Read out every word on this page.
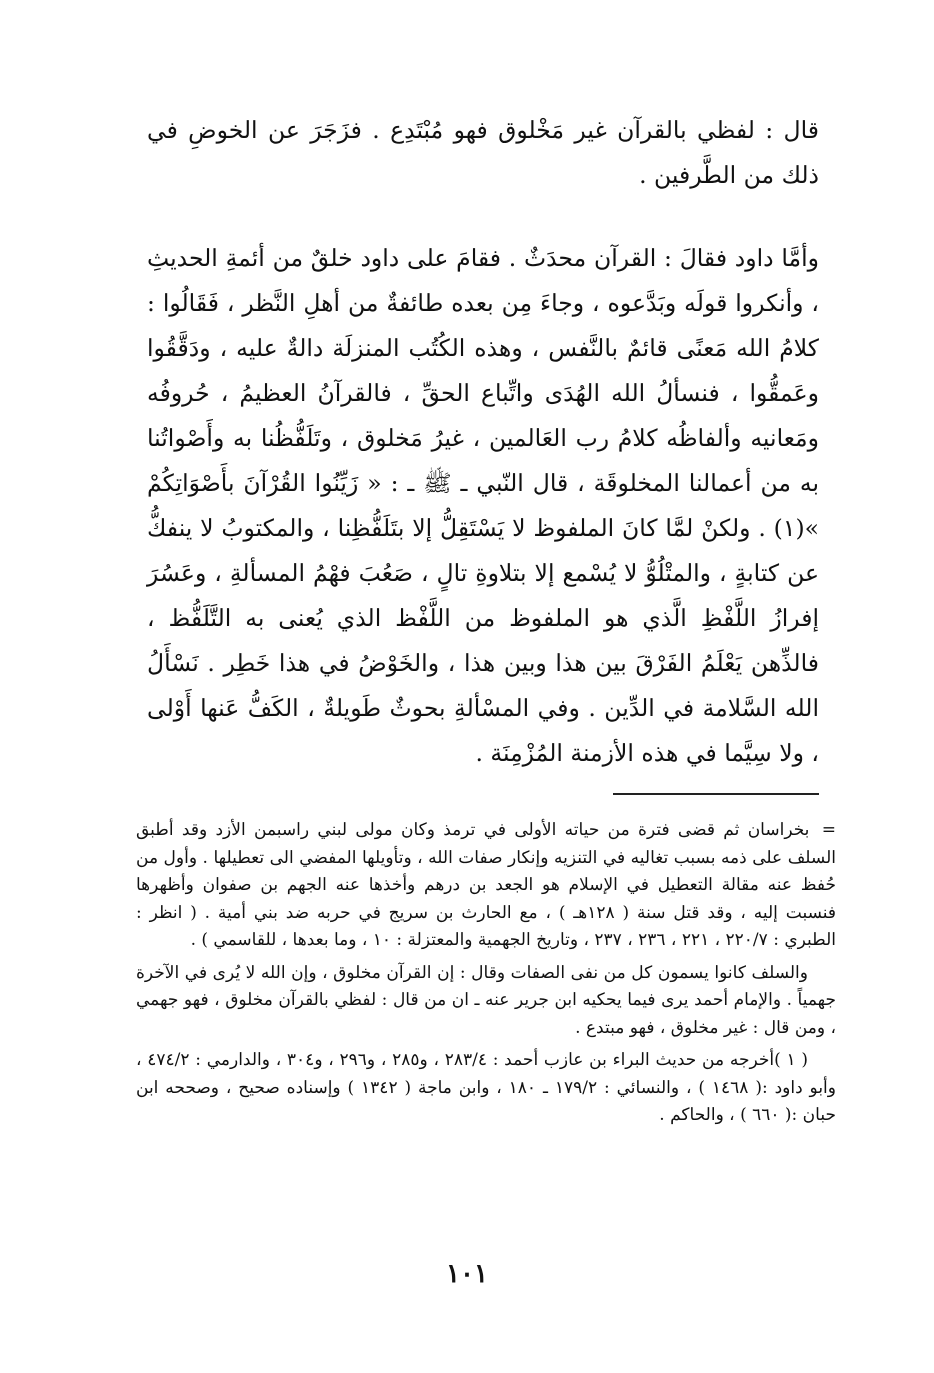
قال : لفظي بالقرآن غير مَخْلوق فهو مُبْتَدِع . فزَجَرَ عن الخوضِ في ذلك من الطَّرفين .

وأمَّا داود فقالَ : القرآن محدَثٌ . فقامَ على داود خلقٌ من أئمةِ الحديثِ ، وأنكروا قولَه وبَدَّعوه ، وجاءَ مِن بعده طائفةٌ من أهلِ النَّظر ، فَقَالُوا : كلامُ الله مَعنًى قائمٌ بالنَّفس ، وهذه الكُتُب المنزلَة دالةٌ عليه ، ودَقَّقُوا وعَمقُّوا ، فنسألُ الله الهُدَى واتِّباع الحقِّ ، فالقرآنُ العظيمُ ، حُروفُه ومَعانيه وألفاظُه كلامُ رب العَالمين ، غيرُ مَخلوق ، وتَلَفُّظُنا به وأَصْواتُنا به من أعمالنا المخلوقَة ، قال النّبي ـ ﷺ ـ : « زَيِّنُوا القُرْآنَ بأَصْوَاتِكُمْ »(١) . ولكنْ لمَّا كانَ الملفوظ لا يَسْتَقِلُّ إلا بتَلَفُّظِنا ، والمكتوبُ لا ينفكُّ عن كتابةٍ ، والمتْلُوُّ لا يُسْمع إلا بتلاوةِ تالٍ ، صَعُبَ فهْمُ المسألةِ ، وعَسُرَ إفرازُ اللَّفْظِ الَّذي هو الملفوظ من اللَّفْظ الذي يُعنى به التَّلَفُّظ ، فالذِّهن يَعْلَمُ الفَرْقَ بين هذا وبين هذا ، والخَوْضُ في هذا خَطِر . نَسْأَلُ الله السَّلامة في الدِّين . وفي المسْألةِ بحوثٌ طَويلةٌ ، الكَفُّ عَنها أَوْلى ، ولا سِيَّما في هذه الأزمنة المُزْمِنَة .

= بخراسان ثم قضى فترة من حياته الأولى في ترمذ وكان مولى لبني راسبمن الأزد وقد أطبق السلف على ذمه بسبب تغاليه في التنزيه وإنكار صفات الله ، وتأويلها المفضي الى تعطيلها . وأول من حُفظ عنه مقالة التعطيل في الإسلام هو الجعد بن درهم وأخذها عنه الجهم بن صفوان وأظهرها فنسبت إليه ، وقد قتل سنة ( ١٢٨هـ ) ، مع الحارث بن سريج في حربه ضد بني أمية . ( انظر : الطبري : ٢٢٠/٧ ، ٢٢١ ، ٢٣٦ ، ٢٣٧ ، وتاريخ الجهمية والمعتزلة : ١٠ ، وما بعدها ، للقاسمي ) .

والسلف كانوا يسمون كل من نفى الصفات وقال : إن القرآن مخلوق ، وإن الله لا يُرى في الآخرة جهمياً . والإمام أحمد يرى فيما يحكيه ابن جرير عنه ـ ان من قال : لفظي بالقرآن مخلوق ، فهو جهمي ، ومن قال : غير مخلوق ، فهو مبتدع .

( ١ )أخرجه من حديث البراء بن عازب أحمد : ٢٨٣/٤ ، و٢٨٥ ، و٢٩٦ ، و٣٠٤ ، والدارمي : ٤٧٤/٢ ، وأبو داود :( ١٤٦٨ ) ، والنسائي : ١٧٩/٢ ـ ١٨٠ ، وابن ماجة ( ١٣٤٢ ) وإسناده صحيح ، وصححه ابن حبان :( ٦٦٠ ) ، والحاكم .

١٠١
